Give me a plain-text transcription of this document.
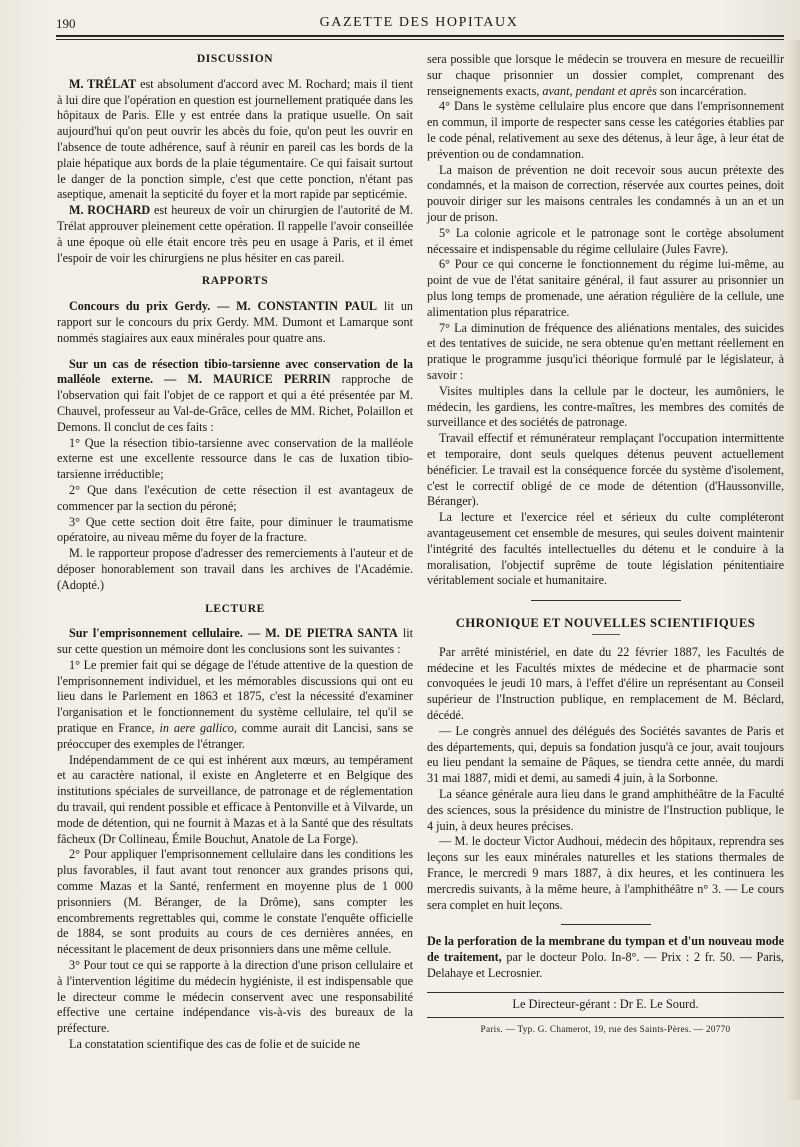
190	GAZETTE DES HOPITAUX
DISCUSSION

M. TRÉLAT est absolument d'accord avec M. Rochard; mais il tient à lui dire que l'opération en question est journellement pratiquée dans les hôpitaux de Paris. Elle y est entrée dans la pratique usuelle. On sait aujourd'hui qu'on peut ouvrir les abcès du foie, qu'on peut les ouvrir en l'absence de toute adhérence, sauf à réunir en pareil cas les bords de la plaie hépatique aux bords de la plaie tégumentaire. Ce qui faisait surtout le danger de la ponction simple, c'est que cette ponction, n'étant pas aseptique, amenait la septicité du foyer et la mort rapide par septicémie.

M. ROCHARD est heureux de voir un chirurgien de l'autorité de M. Trélat approuver pleinement cette opération. Il rappelle l'avoir conseillée à une époque où elle était encore très peu en usage à Paris, et il émet l'espoir de voir les chirurgiens ne plus hésiter en cas pareil.

RAPPORTS

Concours du prix Gerdy. — M. CONSTANTIN PAUL lit un rapport sur le concours du prix Gerdy. MM. Dumont et Lamarque sont nommés stagiaires aux eaux minérales pour quatre ans.

Sur un cas de résection tibio-tarsienne avec conservation de la malléole externe. — M. MAURICE PERRIN rapproche de l'observation qui fait l'objet de ce rapport et qui a été présentée par M. Chauvel, professeur au Val-de-Grâce, celles de MM. Richet, Polaillon et Demons. Il conclut de ces faits :

1° Que la résection tibio-tarsienne avec conservation de la malléole externe est une excellente ressource dans le cas de luxation tibio-tarsienne irréductible;

2° Que dans l'exécution de cette résection il est avantageux de commencer par la section du péroné;

3° Que cette section doit être faite, pour diminuer le traumatisme opératoire, au niveau même du foyer de la fracture.

M. le rapporteur propose d'adresser des remerciements à l'auteur et de déposer honorablement son travail dans les archives de l'Académie. (Adopté.)

LECTURE

Sur l'emprisonnement cellulaire. — M. DE PIETRA SANTA lit sur cette question un mémoire dont les conclusions sont les suivantes :

1° Le premier fait qui se dégage de l'étude attentive de la question de l'emprisonnement individuel, et les mémorables discussions qui ont eu lieu dans le Parlement en 1863 et 1875, c'est la nécessité d'examiner l'organisation et le fonctionnement du système cellulaire, tel qu'il se pratique en France, in aere gallico, comme aurait dit Lancisi, sans se préoccuper des exemples de l'étranger.

Indépendamment de ce qui est inhérent aux mœurs, au tempérament et au caractère national, il existe en Angleterre et en Belgique des institutions spéciales de surveillance, de patronage et de réglementation du travail, qui rendent possible et efficace à Pentonville et à Vilvarde, un mode de détention, qui ne fournit à Mazas et à la Santé que des résultats fâcheux (Dr Collineau, Émile Bouchut, Anatole de La Forge).

2° Pour appliquer l'emprisonnement cellulaire dans les conditions les plus favorables, il faut avant tout renoncer aux grandes prisons qui, comme Mazas et la Santé, renferment en moyenne plus de 1 000 prisonniers (M. Béranger, de la Drôme), sans compter les encombrements regrettables qui, comme le constate l'enquête officielle de 1884, se sont produits au cours de ces dernières années, en nécessitant le placement de deux prisonniers dans une même cellule.

3° Pour tout ce qui se rapporte à la direction d'une prison cellulaire et à l'intervention légitime du médecin hygiéniste, il est indispensable que le directeur comme le médecin conservent avec une responsabilité effective une certaine indépendance vis-à-vis des bureaux de la préfecture.

La constatation scientifique des cas de folie et de suicide ne

sera possible que lorsque le médecin se trouvera en mesure de recueillir sur chaque prisonnier un dossier complet, comprenant des renseignements exacts, avant, pendant et après son incarcération.

4° Dans le système cellulaire plus encore que dans l'emprisonnement en commun, il importe de respecter sans cesse les catégories établies par le code pénal, relativement au sexe des détenus, à leur âge, à leur état de prévention ou de condamnation.

La maison de prévention ne doit recevoir sous aucun prétexte des condamnés, et la maison de correction, réservée aux courtes peines, doit pouvoir diriger sur les maisons centrales les condamnés à un an et un jour de prison.

5° La colonie agricole et le patronage sont le cortège absolument nécessaire et indispensable du régime cellulaire (Jules Favre).

6° Pour ce qui concerne le fonctionnement du régime lui-même, au point de vue de l'état sanitaire général, il faut assurer au prisonnier un plus long temps de promenade, une aération régulière de la cellule, une alimentation plus réparatrice.

7° La diminution de fréquence des aliénations mentales, des suicides et des tentatives de suicide, ne sera obtenue qu'en mettant réellement en pratique le programme jusqu'ici théorique formulé par le législateur, à savoir :

Visites multiples dans la cellule par le docteur, les aumôniers, le médecin, les gardiens, les contre-maîtres, les membres des comités de surveillance et des sociétés de patronage.

Travail effectif et rémunérateur remplaçant l'occupation intermittente et temporaire, dont seuls quelques détenus peuvent actuellement bénéficier. Le travail est la conséquence forcée du système d'isolement, c'est le correctif obligé de ce mode de détention (d'Haussonville, Béranger).

La lecture et l'exercice réel et sérieux du culte compléteront avantageusement cet ensemble de mesures, qui seules doivent maintenir l'intégrité des facultés intellectuelles du détenu et le conduire à la moralisation, l'objectif suprême de toute législation pénitentiaire véritablement sociale et humanitaire.

CHRONIQUE ET NOUVELLES SCIENTIFIQUES

Par arrêté ministériel, en date du 22 février 1887, les Facultés de médecine et les Facultés mixtes de médecine et de pharmacie sont convoquées le jeudi 10 mars, à l'effet d'élire un représentant au Conseil supérieur de l'Instruction publique, en remplacement de M. Béclard, décédé.

— Le congrès annuel des délégués des Sociétés savantes de Paris et des départements, qui, depuis sa fondation jusqu'à ce jour, avait toujours eu lieu pendant la semaine de Pâques, se tiendra cette année, du mardi 31 mai 1887, midi et demi, au samedi 4 juin, à la Sorbonne.

La séance générale aura lieu dans le grand amphithéâtre de la Faculté des sciences, sous la présidence du ministre de l'Instruction publique, le 4 juin, à deux heures précises.

— M. le docteur Victor Audhoui, médecin des hôpitaux, reprendra ses leçons sur les eaux minérales naturelles et les stations thermales de France, le mercredi 9 mars 1887, à dix heures, et les continuera les mercredis suivants, à la même heure, à l'amphithéâtre n° 3. — Le cours sera complet en huit leçons.

De la perforation de la membrane du tympan et d'un nouveau mode de traitement, par le docteur Polo. In-8°. — Prix : 2 fr. 50. — Paris, Delahaye et Lecrosnier.

Le Directeur-gérant : Dr E. Le Sourd.
Paris. — Typ. G. Chamerot, 19, rue des Saints-Pères. — 20770
